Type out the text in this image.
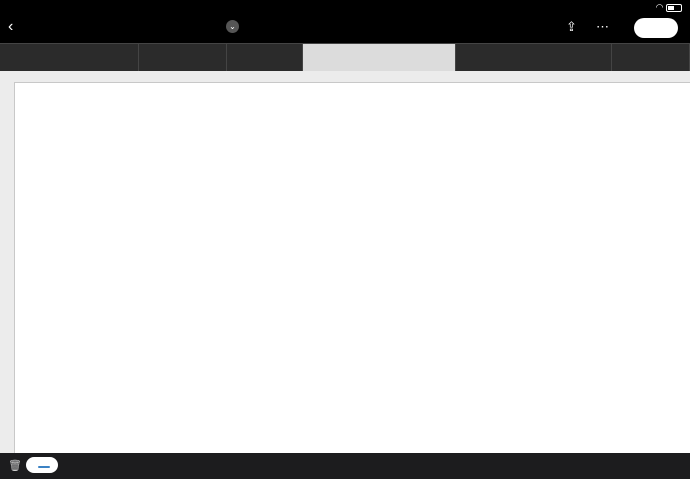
◠
‹	⌄	⇪ ⋯
🗑
